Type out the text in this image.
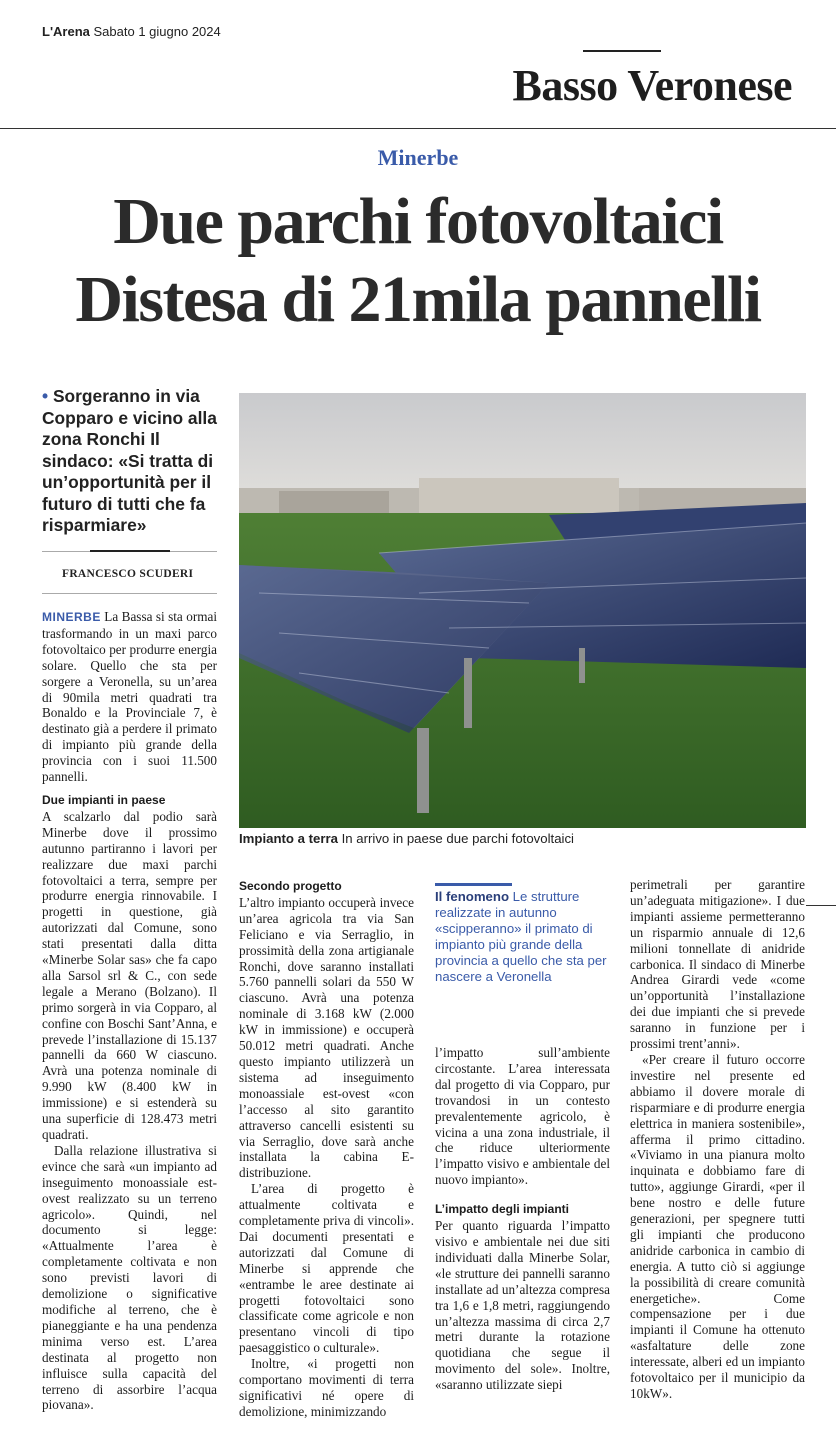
L'Arena Sabato 1 giugno 2024
Basso Veronese
Minerbe
Due parchi fotovoltaici
Distesa di 21mila pannelli
• Sorgeranno in via Copparo e vicino alla zona Ronchi Il sindaco: «Si tratta di un’opportunità per il futuro di tutti che fa risparmiare»
FRANCESCO SCUDERI
Impianto a terra In arrivo in paese due parchi fotovoltaici

MINERBE La Bassa si sta ormai trasformando in un maxi parco fotovoltaico per produrre energia solare. Quello che sta per sorgere a Veronella, su un’area di 90mila metri quadrati tra Bonaldo e la Provinciale 7, è destinato già a perdere il primato di impianto più grande della provincia con i suoi 11.500 pannelli.

Due impianti in paese

A scalzarlo dal podio sarà Minerbe dove il prossimo autunno partiranno i lavori per realizzare due maxi parchi fotovoltaici a terra, sempre per produrre energia rinnovabile. I progetti in questione, già autorizzati dal Comune, sono stati presentati dalla ditta «Minerbe Solar sas» che fa capo alla Sarsol srl & C., con sede legale a Merano (Bolzano). Il primo sorgerà in via Copparo, al confine con Boschi Sant’Anna, e prevede l’installazione di 15.137 pannelli da 660 W ciascuno. Avrà una potenza nominale di 9.990 kW (8.400 kW in immissione) e si estenderà su una superficie di 128.473 metri quadrati.

Dalla relazione illustrativa si evince che sarà «un impianto ad inseguimento monoassiale est-ovest realizzato su un terreno agricolo». Quindi, nel documento si legge: «Attualmente l’area è completamente coltivata e non sono previsti lavori di demolizione o significative modifiche al terreno, che è pianeggiante e ha una pendenza minima verso est. L’area destinata al progetto non influisce sulla capacità del terreno di assorbire l’acqua piovana».

Secondo progetto

L’altro impianto occuperà invece un’area agricola tra via San Feliciano e via Serraglio, in prossimità della zona artigianale Ronchi, dove saranno installati 5.760 pannelli solari da 550 W ciascuno. Avrà una potenza nominale di 3.168 kW (2.000 kW in immissione) e occuperà 50.012 metri quadrati. Anche questo impianto utilizzerà un sistema ad inseguimento monoassiale est-ovest «con l’accesso al sito garantito attraverso cancelli esistenti su via Serraglio, dove sarà anche installata la cabina E-distribuzione.

L’area di progetto è attualmente coltivata e completamente priva di vincoli». Dai documenti presentati e autorizzati dal Comune di Minerbe si apprende che «entrambe le aree destinate ai progetti fotovoltaici sono classificate come agricole e non presentano vincoli di tipo paesaggistico o culturale».

Inoltre, «i progetti non comportano movimenti di terra significativi né opere di demolizione, minimizzando

Il fenomeno Le strutture realizzate in autunno «scipperanno» il primato di impianto più grande della provincia a quello che sta per nascere a Veronella

l’impatto sull’ambiente circostante. L’area interessata dal progetto di via Copparo, pur trovandosi in un contesto prevalentemente agricolo, è vicina a una zona industriale, il che riduce ulteriormente l’impatto visivo e ambientale del nuovo impianto».

L’impatto degli impianti

Per quanto riguarda l’impatto visivo e ambientale nei due siti individuati dalla Minerbe Solar, «le strutture dei pannelli saranno installate ad un’altezza compresa tra 1,6 e 1,8 metri, raggiungendo un’altezza massima di circa 2,7 metri durante la rotazione quotidiana che segue il movimento del sole». Inoltre, «saranno utilizzate siepi

perimetrali per garantire un’adeguata mitigazione». I due impianti assieme permetteranno un risparmio annuale di 12,6 milioni tonnellate di anidride carbonica. Il sindaco di Minerbe Andrea Girardi vede «come un’opportunità l’installazione dei due impianti che si prevede saranno in funzione per i prossimi trent’anni».

«Per creare il futuro occorre investire nel presente ed abbiamo il dovere morale di risparmiare e di produrre energia elettrica in maniera sostenibile», afferma il primo cittadino. «Viviamo in una pianura molto inquinata e dobbiamo fare di tutto», aggiunge Girardi, «per il bene nostro e delle future generazioni, per spegnere tutti gli impianti che producono anidride carbonica in cambio di energia. A tutto ciò si aggiunge la possibilità di creare comunità energetiche». Come compensazione per i due impianti il Comune ha ottenuto «asfaltature delle zone interessate, alberi ed un impianto fotovoltaico per il municipio da 10kW».
